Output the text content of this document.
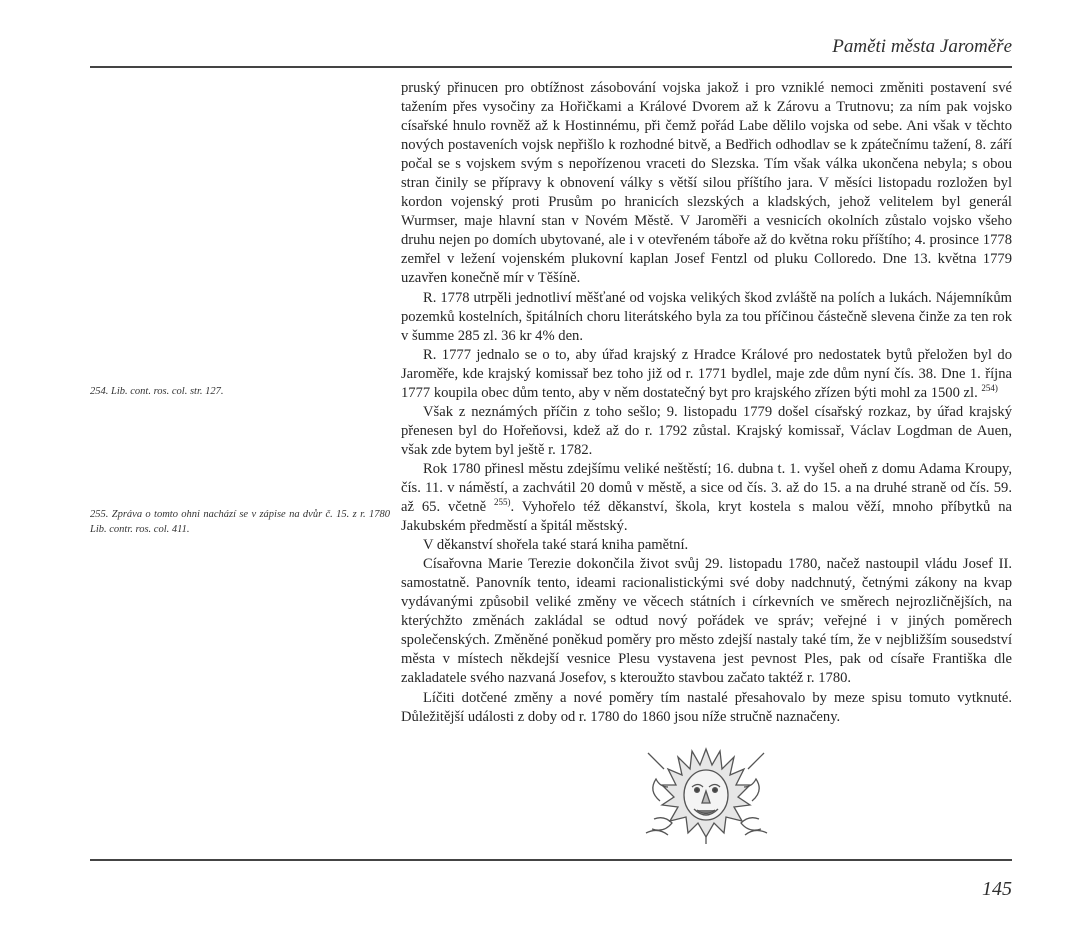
Paměti města Jaroměře
254. Lib. cont. ros. col. str. 127.
255. Zpráva o tomto ohni nachází se v zápise na dvůr č. 15. z r. 1780 Lib. contr. ros. col. 411.

pruský přinucen pro obtížnost zásobování vojska jakož i pro vzniklé nemoci změniti postavení své tažením přes vysočiny za Hořičkami a Králové Dvorem až k Zárovu a Trutnovu; za ním pak vojsko císařské hnulo rovněž až k Hostinnému, při čemž pořád Labe dělilo vojska od sebe. Ani však v těchto nových postaveních vojsk nepřišlo k rozhodné bitvě, a Bedřich odhodlav se k zpátečnímu tažení, 8. září počal se s vojskem svým s nepořízenou vraceti do Slezska. Tím však válka ukončena nebyla; s obou stran činily se přípravy k obnovení války s větší silou příštího jara. V měsíci listopadu rozložen byl kordon vojenský proti Prusům po hranicích slezských a kladských, jehož velitelem byl generál Wurmser, maje hlavní stan v Novém Městě. V Jaroměři a vesnicích okolních zůstalo vojsko všeho druhu nejen po domích ubytované, ale i v otevřeném táboře až do května roku příštího; 4. prosince 1778 zemřel v ležení vojenském plukovní kaplan Josef Fentzl od pluku Colloredo. Dne 13. května 1779 uzavřen konečně mír v Těšíně.

R. 1778 utrpěli jednotliví měšťané od vojska velikých škod zvláště na polích a lukách. Nájemníkům pozemků kostelních, špitálních choru literátského byla za tou příčinou částečně slevena činže za ten rok v šumme 285 zl. 36 kr 4% den.

R. 1777 jednalo se o to, aby úřad krajský z Hradce Králové pro nedostatek bytů přeložen byl do Jaroměře, kde krajský komissař bez toho již od r. 1771 bydlel, maje zde dům nyní čís. 38. Dne 1. října 1777 koupila obec dům tento, aby v něm dostatečný byt pro krajského zřízen býti mohl za 1500 zl. $^{254)}$

Však z neznámých příčin z toho sešlo; 9. listopadu 1779 došel císařský rozkaz, by úřad krajský přenesen byl do Hořeňovsi, kdež až do r. 1792 zůstal. Krajský komissař, Václav Logdman de Auen, však zde bytem byl ještě r. 1782.

Rok 1780 přinesl městu zdejšímu veliké neštěstí; 16. dubna t. 1. vyšel oheň z domu Adama Kroupy, čís. 11. v náměstí, a zachvátil 20 domů v městě, a sice od čís. 3. až do 15. a na druhé straně od čís. 59. až 65. včetně $^{255)}$. Vyhořelo též děkanství, škola, kryt kostela s malou věží, mnoho příbytků na Jakubském předměstí a špitál městský.

V děkanství shořela také stará kniha pamětní.

Císařovna Marie Terezie dokončila život svůj 29. listopadu 1780, načež nastoupil vládu Josef II. samostatně. Panovník tento, ideami racionalistickými své doby nadchnutý, četnými zákony na kvap vydávanými způsobil veliké změny ve věcech státních i církevních ve směrech nejrozličnějších, na kterýchžto změnách zakládal se odtud nový pořádek ve správ; veřejné i v jiných poměrech společenských. Změněné poněkud poměry pro město zdejší nastaly také tím, že v nejbližším sousedství města v místech někdejší vesnice Plesu vystavena jest pevnost Ples, pak od císaře Františka dle zakladatele svého nazvaná Josefov, s kteroužto stavbou začato taktéž r. 1780.

Líčiti dotčené změny a nové poměry tím nastalé přesahovalo by meze spisu tomuto vytknuté. Důležitější události z doby od r. 1780 do 1860 jsou níže stručně naznačeny.

145
